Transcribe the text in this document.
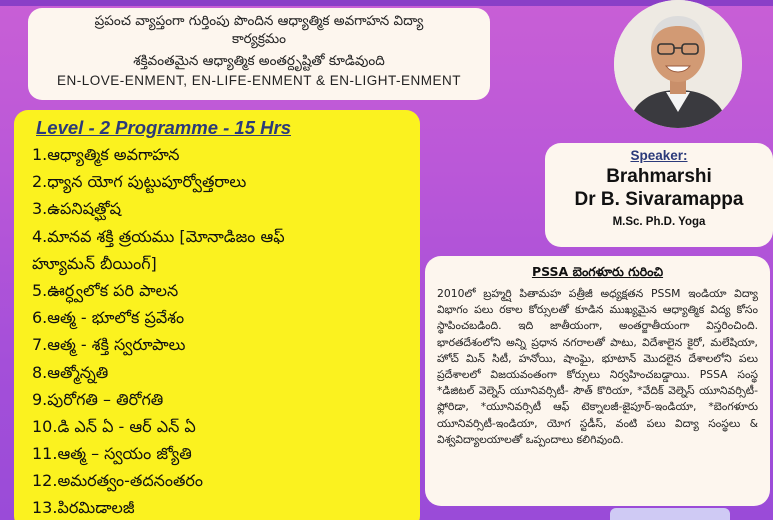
ప్రపంచ వ్యాప్తంగా గుర్తింపు పొందిన ఆధ్యాత్మిక అవగాహన విద్యా
కార్యక్రమం
శక్తివంతమైన ఆధ్యాత్మిక అంతర్దృష్టితో కూడివుంది
EN-LOVE-ENMENT, EN-LIFE-ENMENT & EN-LIGHT-ENMENT
Level - 2 Programme - 15 Hrs
1.ఆధ్యాత్మిక అవగాహన
2.ధ్యాన యోగ పుట్టుపూర్వోత్తరాలు
3.ఉపనిషత్ఘోష
4.మానవ శక్తి త్రయము [మోనాడిజం ఆఫ్
హ్యూమన్ బీయింగ్]
5.ఊర్ధ్వలోక పరి పాలన
6.ఆత్మ - భూలోక ప్రవేశం
7.ఆత్మ - శక్తి స్వరూపాలు
8.ఆత్మోన్నతి
9.పురోగతి – తిరోగతి
10.డి ఎన్ ఏ - ఆర్ ఎన్ ఏ
11.ఆత్మ – స్వయం జ్యోతి
12.అమరత్వం-తదనంతరం
13.పిరమిడాలజీ
Speaker:
Brahmarshi
Dr B. Sivaramappa
M.Sc. Ph.D. Yoga
PSSA బెంగళూరు గురించి
2010లో బ్రహ్మర్షి పితామహ పత్రీజీ అధ్యక్షతన PSSM ఇండియా విద్యా విభాగం పలు రకాల కోర్సులతో కూడిన ముఖ్యమైన ఆధ్యాత్మిక విద్య కోసం స్థాపించబడింది. ఇది జాతీయంగా, అంతర్జాతీయంగా విస్తరించింది. భారతదేశంలోని అన్ని ప్రధాన నగరాలతో పాటు, విదేశాలైన కైరో, మలేషియా, హోచ్ మిన్ సిటీ, హనోయి, షాంఘై, భూటాన్ మొదలైన దేశాలలోని పలు ప్రదేశాలలో విజయవంతంగా కోర్సులు నిర్వహించబడ్డాయి. PSSA సంస్థ *డిజిటల్ వెల్నెస్ యూనివర్సిటీ- సౌత్ కొరియా, *వేదిక్ వెల్నెస్ యూనివర్సిటీ- ఫ్లోరిడా, *యూనివర్సిటీ ఆఫ్ టెక్నాలజీ-జైపూర్-ఇండియా, *బెంగళూరు యూనివర్సిటీ-ఇండియా, యోగ స్టడీస్, వంటి పలు విద్యా సంస్థలు & విశ్వవిద్యాలయాలతో ఒప్పందాలు కలిగివుంది.
